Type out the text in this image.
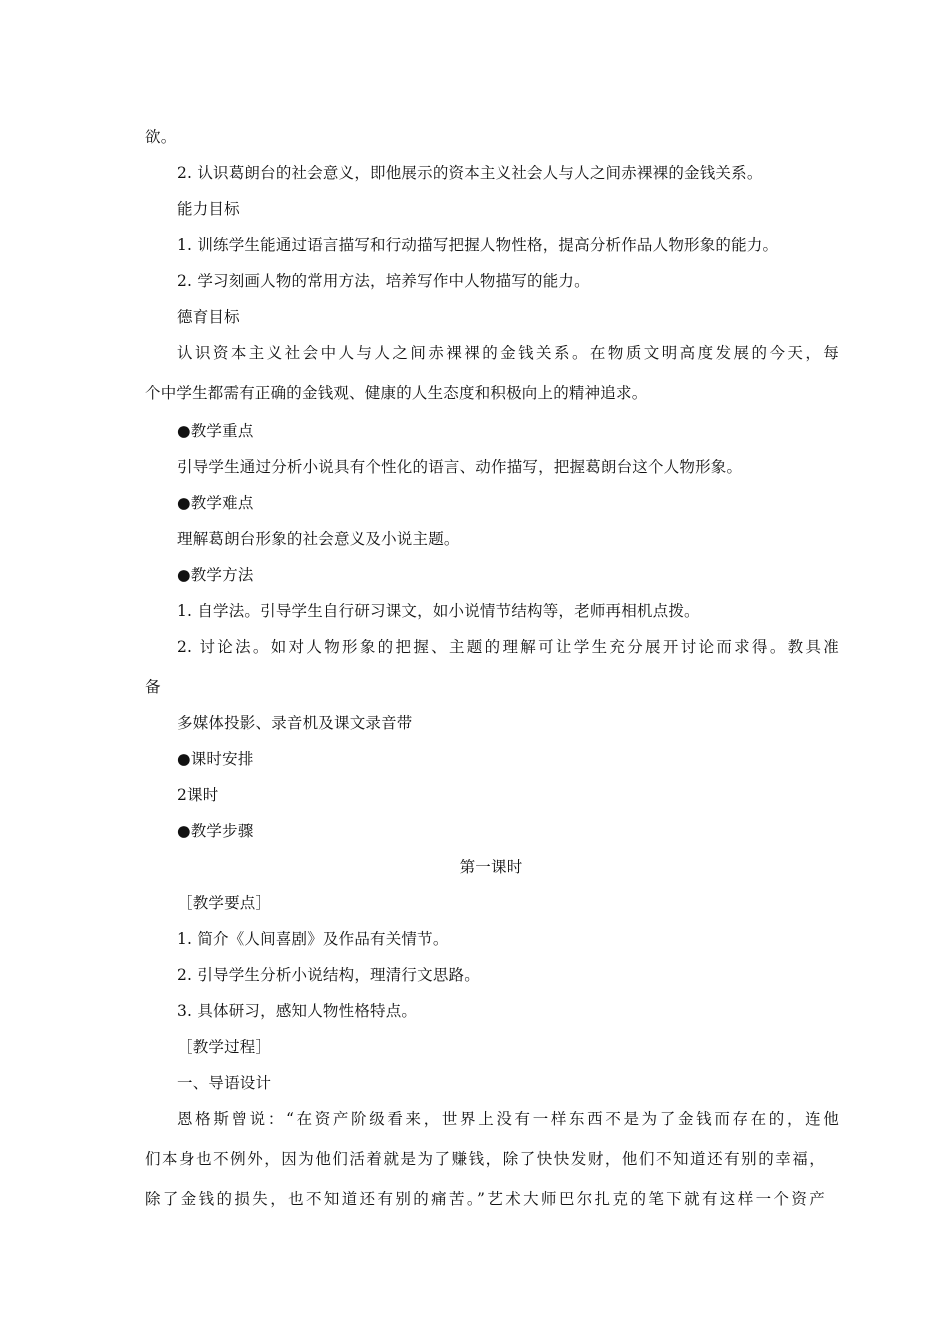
欲。
2. 认识葛朗台的社会意义，即他展示的资本主义社会人与人之间赤裸裸的金钱关系。
能力目标
1. 训练学生能通过语言描写和行动描写把握人物性格，提高分析作品人物形象的能力。
2. 学习刻画人物的常用方法，培养写作中人物描写的能力。
德育目标
认识资本主义社会中人与人之间赤裸裸的金钱关系。在物质文明高度发展的今天，每
个中学生都需有正确的金钱观、健康的人生态度和积极向上的精神追求。
●教学重点
引导学生通过分析小说具有个性化的语言、动作描写，把握葛朗台这个人物形象。
●教学难点
理解葛朗台形象的社会意义及小说主题。
●教学方法
1. 自学法。引导学生自行研习课文，如小说情节结构等，老师再相机点拨。
2. 讨论法。如对人物形象的把握、主题的理解可让学生充分展开讨论而求得。教具准
备
多媒体投影、录音机及课文录音带
●课时安排
2课时
●教学步骤
第一课时
［教学要点］
1. 简介《人间喜剧》及作品有关情节。
2. 引导学生分析小说结构，理清行文思路。
3. 具体研习，感知人物性格特点。
［教学过程］
一、导语设计
恩格斯曾说：“在资产阶级看来，世界上没有一样东西不是为了金钱而存在的，连他
们本身也不例外，因为他们活着就是为了赚钱，除了快快发财，他们不知道还有别的幸福，
除了金钱的损失，也不知道还有别的痛苦。”艺术大师巴尔扎克的笔下就有这样一个资产
